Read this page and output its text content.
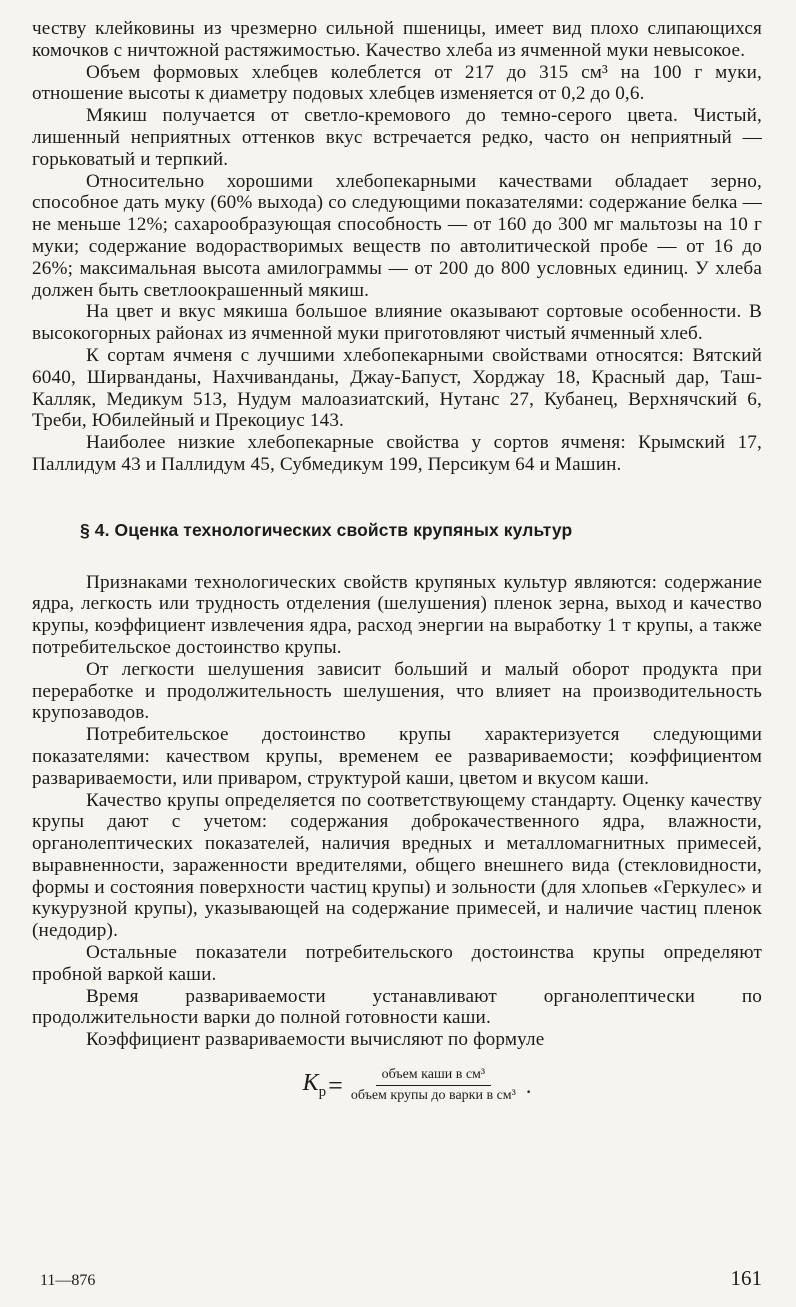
честву клейковины из чрезмерно сильной пшеницы, имеет вид плохо слипающихся комочков с ничтожной растяжимостью. Качество хлеба из ячменной муки невысокое.

Объем формовых хлебцев колеблется от 217 до 315 см³ на 100 г муки, отношение высоты к диаметру подовых хлебцев изменяется от 0,2 до 0,6.

Мякиш получается от светло-кремового до темно-серого цвета. Чистый, лишенный неприятных оттенков вкус встречается редко, часто он неприятный — горьковатый и терпкий.

Относительно хорошими хлебопекарными качествами обладает зерно, способное дать муку (60% выхода) со следующими показателями: содержание белка — не меньше 12%; сахарообразующая способность — от 160 до 300 мг мальтозы на 10 г муки; содержание водорастворимых веществ по автолитической пробе — от 16 до 26%; максимальная высота амилограммы — от 200 до 800 условных единиц. У хлеба должен быть светлоокрашенный мякиш.

На цвет и вкус мякиша большое влияние оказывают сортовые особенности. В высокогорных районах из ячменной муки приготовляют чистый ячменный хлеб.

К сортам ячменя с лучшими хлебопекарными свойствами относятся: Вятский 6040, Ширванданы, Нахчиванданы, Джау-Бапуст, Хорджау 18, Красный дар, Таш-Калляк, Медикум 513, Нудум малоазиатский, Нутанс 27, Кубанец, Верхнячский 6, Треби, Юбилейный и Прекоциус 143.

Наиболее низкие хлебопекарные свойства у сортов ячменя: Крымский 17, Паллидум 43 и Паллидум 45, Субмедикум 199, Персикум 64 и Машин.

§ 4. Оценка технологических свойств крупяных культур

Признаками технологических свойств крупяных культур являются: содержание ядра, легкость или трудность отделения (шелушения) пленок зерна, выход и качество крупы, коэффициент извлечения ядра, расход энергии на выработку 1 т крупы, а также потребительское достоинство крупы.

От легкости шелушения зависит больший и малый оборот продукта при переработке и продолжительность шелушения, что влияет на производительность крупозаводов.

Потребительское достоинство крупы характеризуется следующими показателями: качеством крупы, временем ее развариваемости; коэффициентом развариваемости, или приваром, структурой каши, цветом и вкусом каши.

Качество крупы определяется по соответствующему стандарту. Оценку качеству крупы дают с учетом: содержания доброкачественного ядра, влажности, органолептических показателей, наличия вредных и металломагнитных примесей, выравненности, зараженности вредителями, общего внешнего вида (стекловидности, формы и состояния поверхности частиц крупы) и зольности (для хлопьев «Геркулес» и кукурузной крупы), указывающей на содержание примесей, и наличие частиц пленок (недодир).

Остальные показатели потребительского достоинства крупы определяют пробной варкой каши.

Время развариваемости устанавливают органолептически по продолжительности варки до полной готовности каши.

Коэффициент развариваемости вычисляют по формуле

$K_р = \frac{\text{объем каши в см³}}{\text{объем крупы до варки в см³}}$ .
11—876	161
